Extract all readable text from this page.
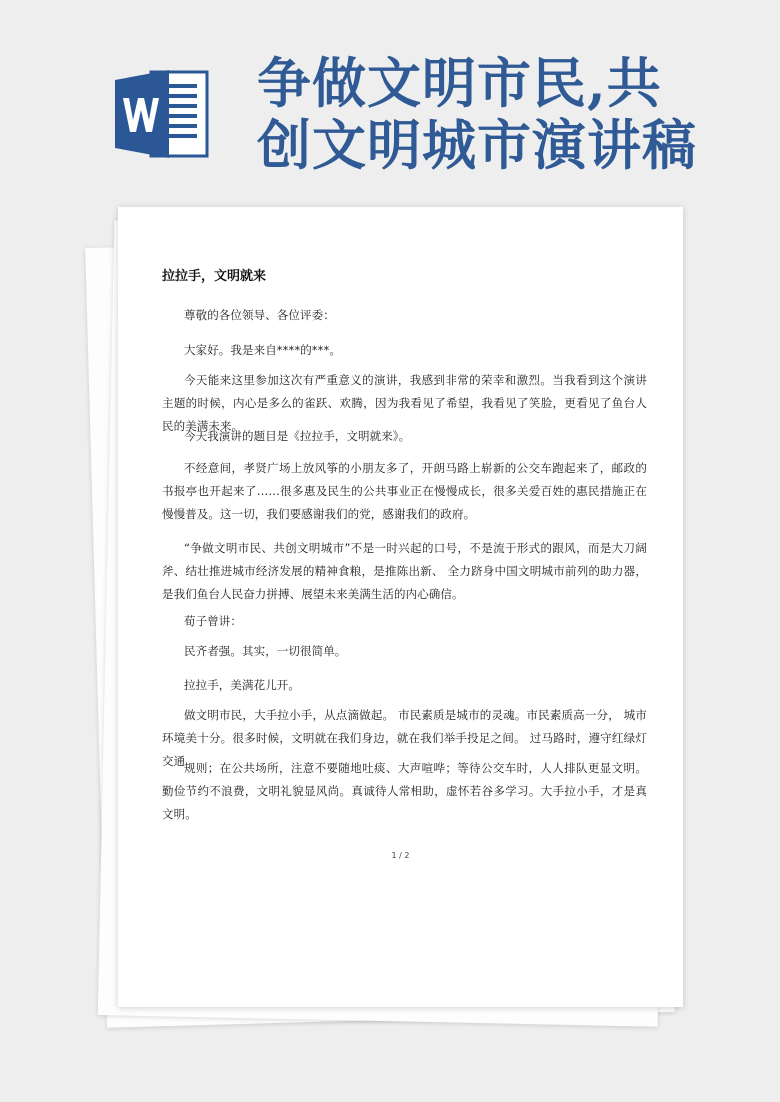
争做文明市民,共
创文明城市演讲稿
拉拉手，文明就来
尊敬的各位领导、各位评委：
大家好。我是来自****的***。
今天能来这里参加这次有严重意义的演讲，我感到非常的荣幸和激烈。当我看到这个演讲主题的时候，内心是多么的雀跃、欢腾，因为我看见了希望，我看见了笑脸，更看见了鱼台人民的美满未来。
今天我演讲的题目是《拉拉手，文明就来》。
不经意间，孝贤广场上放风筝的小朋友多了，开朗马路上崭新的公交车跑起来了，邮政的书报亭也开起来了……很多惠及民生的公共事业正在慢慢成长，很多关爱百姓的惠民措施正在慢慢普及。这一切，我们要感谢我们的党，感谢我们的政府。
“争做文明市民、共创文明城市”不是一时兴起的口号，不是流于形式的跟风，而是大刀阔斧、结壮推进城市经济发展的精神食粮，是推陈出新、 全力跻身中国文明城市前列的助力器，是我们鱼台人民奋力拼搏、展望未来美满生活的内心确信。
荀子曾讲：
民齐者强。其实，一切很简单。
拉拉手，美满花儿开。
做文明市民，大手拉小手，从点滴做起。 市民素质是城市的灵魂。市民素质高一分， 城市环境美十分。很多时候，文明就在我们身边，就在我们举手投足之间。 过马路时，遵守红绿灯交通
规则；在公共场所，注意不要随地吐痰、大声喧哗；等待公交车时，人人排队更显文明。 勤俭节约不浪费，文明礼貌显风尚。真诚待人常相助，虚怀若谷多学习。大手拉小手，才是真文明。
1 / 2
